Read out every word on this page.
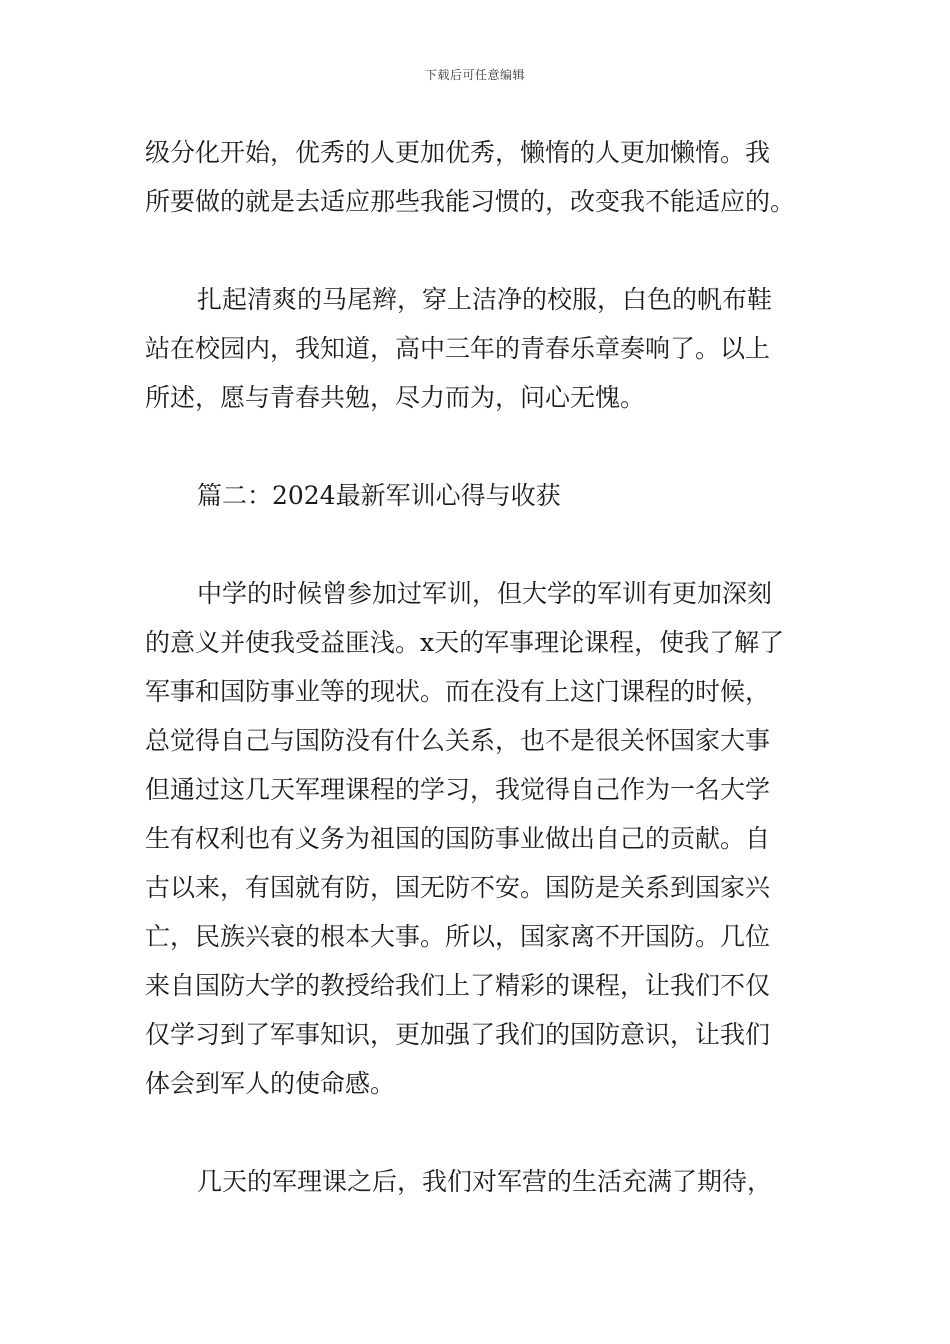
下载后可任意编辑
级分化开始，优秀的人更加优秀，懒惰的人更加懒惰。我
所要做的就是去适应那些我能习惯的，改变我不能适应的。
扎起清爽的马尾辫，穿上洁净的校服，白色的帆布鞋
站在校园内，我知道，高中三年的青春乐章奏响了。以上
所述，愿与青春共勉，尽力而为，问心无愧。
篇二：2024最新军训心得与收获
中学的时候曾参加过军训，但大学的军训有更加深刻
的意义并使我受益匪浅。x天的军事理论课程，使我了解了
军事和国防事业等的现状。而在没有上这门课程的时候，
总觉得自己与国防没有什么关系，也不是很关怀国家大事
但通过这几天军理课程的学习，我觉得自己作为一名大学
生有权利也有义务为祖国的国防事业做出自己的贡献。自
古以来，有国就有防，国无防不安。国防是关系到国家兴
亡，民族兴衰的根本大事。所以，国家离不开国防。几位
来自国防大学的教授给我们上了精彩的课程，让我们不仅
仅学习到了军事知识，更加强了我们的国防意识，让我们
体会到军人的使命感。
几天的军理课之后，我们对军营的生活充满了期待，
